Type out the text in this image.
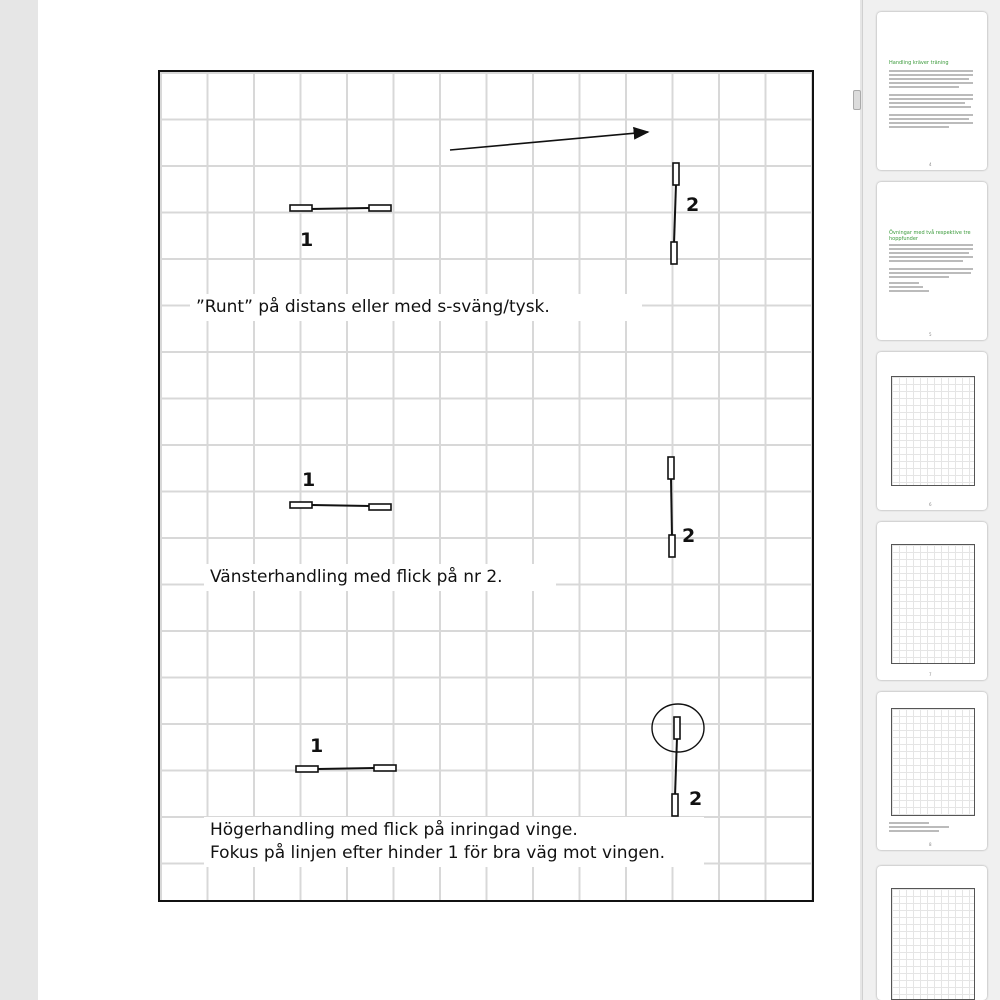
1
2
”Runt” på distans eller med s-sväng/tysk.
1
2
Vänsterhandling med flick på nr 2.
1
2
Högerhandling med flick på inringad vinge.
Fokus på linjen efter hinder 1 för bra väg mot vingen.
Handling kräver träning
4
Övningar med två respektive tre hoppfunder
5
6
7
8
